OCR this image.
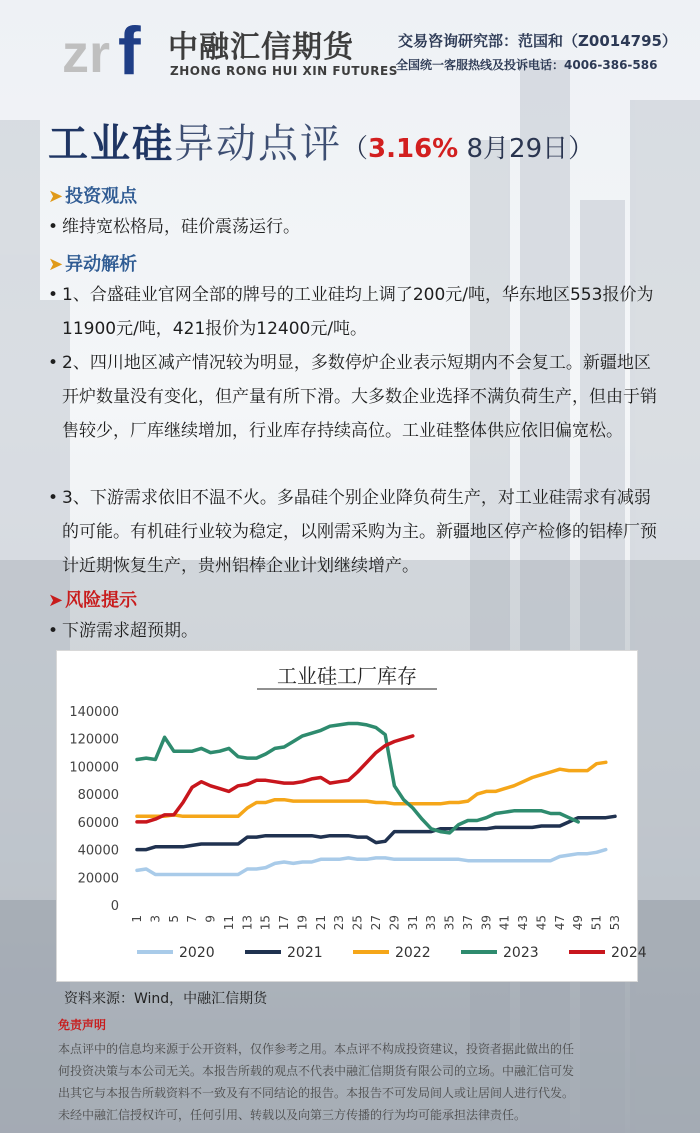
zr f 中融汇信期货
ZHONG RONG HUI XIN FUTURES
交易咨询研究部：范国和（Z0014795）
全国统一客服热线及投诉电话：4006-386-586
工业硅异动点评（3.16% 8月29日）
➤ 投资观点
• 维持宽松格局，硅价震荡运行。
➤ 异动解析
• 1、合盛硅业官网全部的牌号的工业硅均上调了200元/吨，华东地区553报价为11900元/吨，421报价为12400元/吨。
• 2、四川地区减产情况较为明显，多数停炉企业表示短期内不会复工。新疆地区开炉数量没有变化，但产量有所下滑。大多数企业选择不满负荷生产，但由于销售较少，厂库继续增加，行业库存持续高位。工业硅整体供应依旧偏宽松。
• 3、下游需求依旧不温不火。多晶硅个别企业降负荷生产，对工业硅需求有减弱的可能。有机硅行业较为稳定，以刚需采购为主。新疆地区停产检修的铝棒厂预计近期恢复生产，贵州铝棒企业计划继续增产。
➤ 风险提示
• 下游需求超预期。
工业硅工厂库存
0
20000
40000
60000
80000
100000
120000
140000
1 3 5 7 9 11 13 15 17 19 21 23 25 27 29 31 33 35 37 39 41 43 45 47 49 51 53
2020	2021	2022	2023	2024
资料来源：Wind，中融汇信期货
免责声明
本点评中的信息均来源于公开资料，仅作参考之用。本点评不构成投资建议，投资者据此做出的任
何投资决策与本公司无关。本报告所载的观点不代表中融汇信期货有限公司的立场。中融汇信可发
出其它与本报告所载资料不一致及有不同结论的报告。本报告不可发局间人或让居间人进行代发。
未经中融汇信授权许可，任何引用、转载以及向第三方传播的行为均可能承担法律责任。
